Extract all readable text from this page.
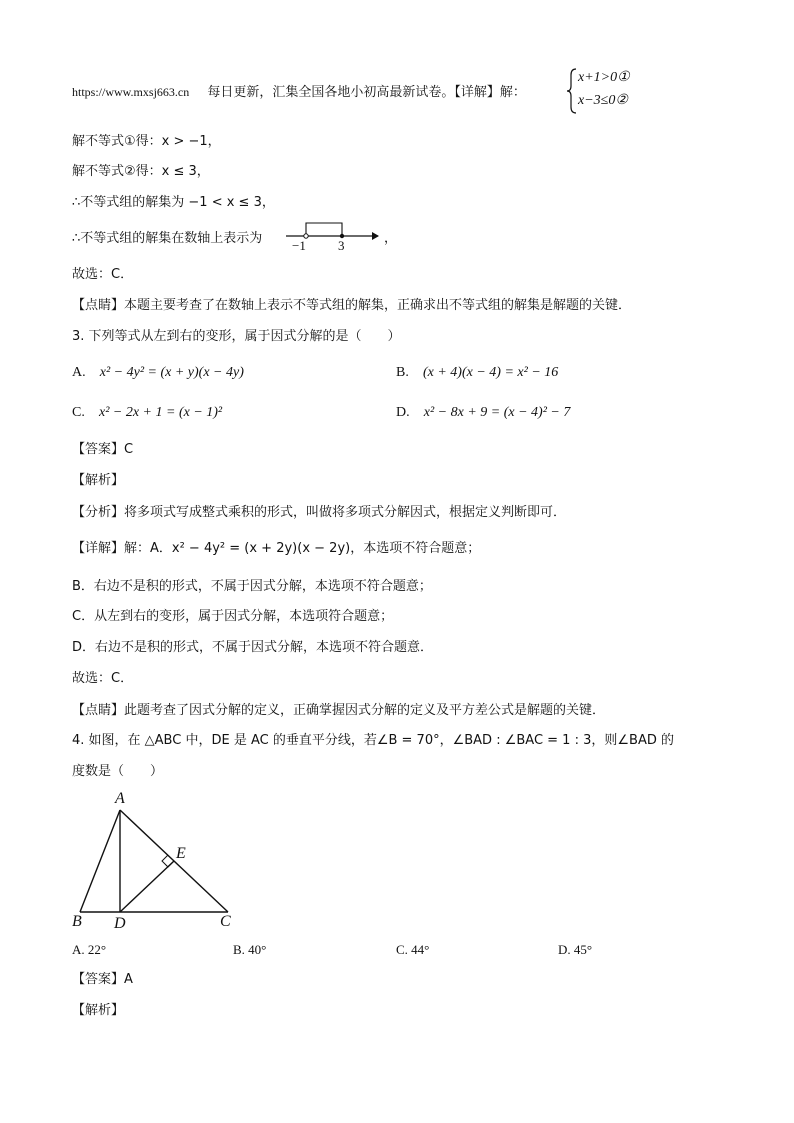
https://www.mxsj663.cn 每日更新，汇集全国各地小初高最新试卷。【详解】解：
x+1>0①
x−3≤0②
解不等式①得：x > −1，
解不等式②得：x ≤ 3，
∴不等式组的解集为 −1 < x ≤ 3，
∴不等式组的解集在数轴上表示为 −1 3	，
故选：C．
【点睛】本题主要考查了在数轴上表示不等式组的解集，正确求出不等式组的解集是解题的关键．
3. 下列等式从左到右的变形，属于因式分解的是（　　）
A. x² − 4y² = (x + y)(x − 4y)	B. (x + 4)(x − 4) = x² − 16
C. x² − 2x + 1 = (x − 1)²	D. x² − 8x + 9 = (x − 4)² − 7
【答案】C
【解析】
【分析】将多项式写成整式乘积的形式，叫做将多项式分解因式，根据定义判断即可．
【详解】解：A．x² − 4y² = (x + 2y)(x − 2y)，本选项不符合题意；
B．右边不是积的形式，不属于因式分解，本选项不符合题意；
C．从左到右的变形，属于因式分解，本选项符合题意；
D．右边不是积的形式，不属于因式分解，本选项不符合题意．
故选：C．
【点睛】此题考查了因式分解的定义，正确掌握因式分解的定义及平方差公式是解题的关键．
4. 如图，在 △ABC 中，DE 是 AC 的垂直平分线，若∠B = 70°，∠BAD : ∠BAC = 1 : 3，则∠BAD 的
度数是（　　）
A
B D	C
E
A. 22°	B. 40°	C. 44°	D. 45°
【答案】A
【解析】
